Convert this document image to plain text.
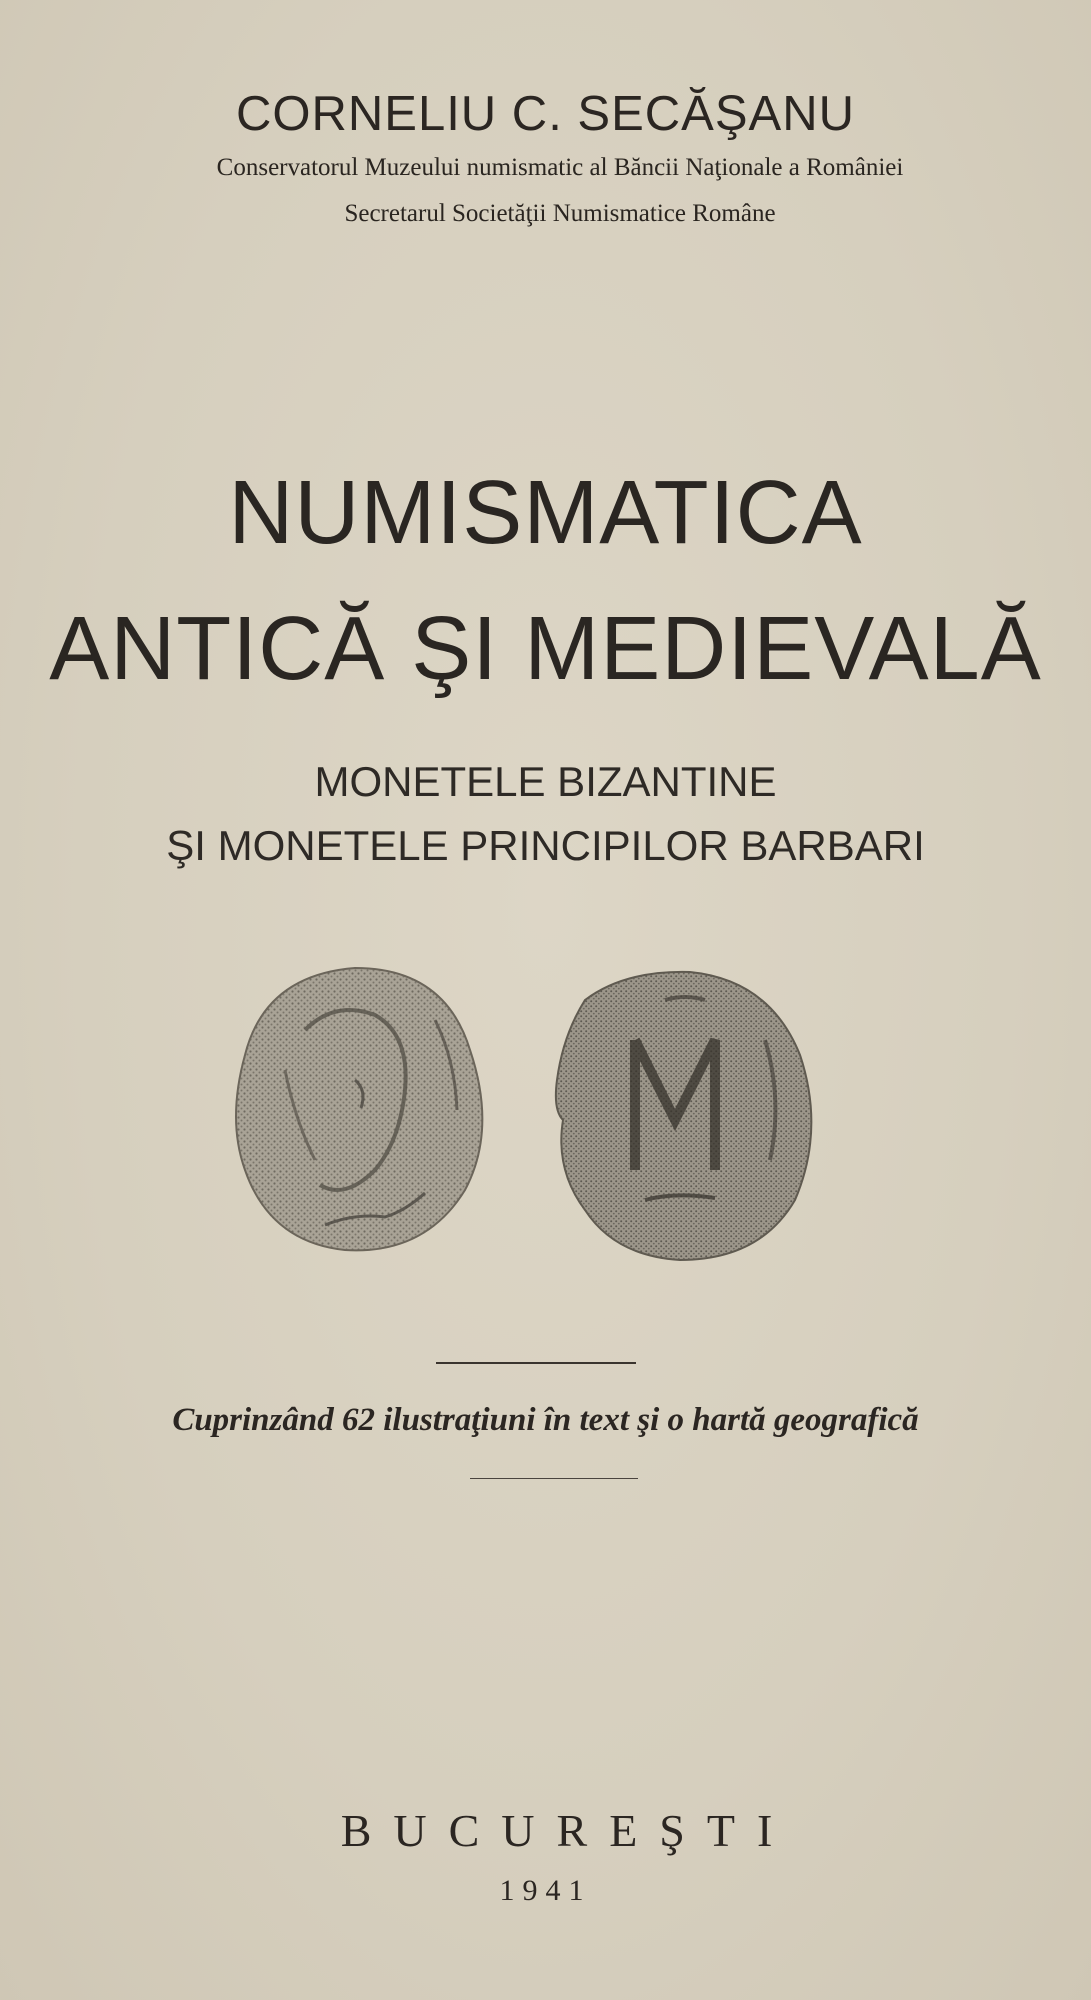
CORNELIU C. SECĂŞANU
Conservatorul Muzeului numismatic al Băncii Naţionale a României
Secretarul Societăţii Numismatice Române
NUMISMATICA
ANTICĂ ŞI MEDIEVALĂ
MONETELE BIZANTINE
ŞI MONETELE PRINCIPILOR BARBARI
Cuprinzând 62 ilustraţiuni în text şi o hartă geografică
BUCUREŞTI
1941
